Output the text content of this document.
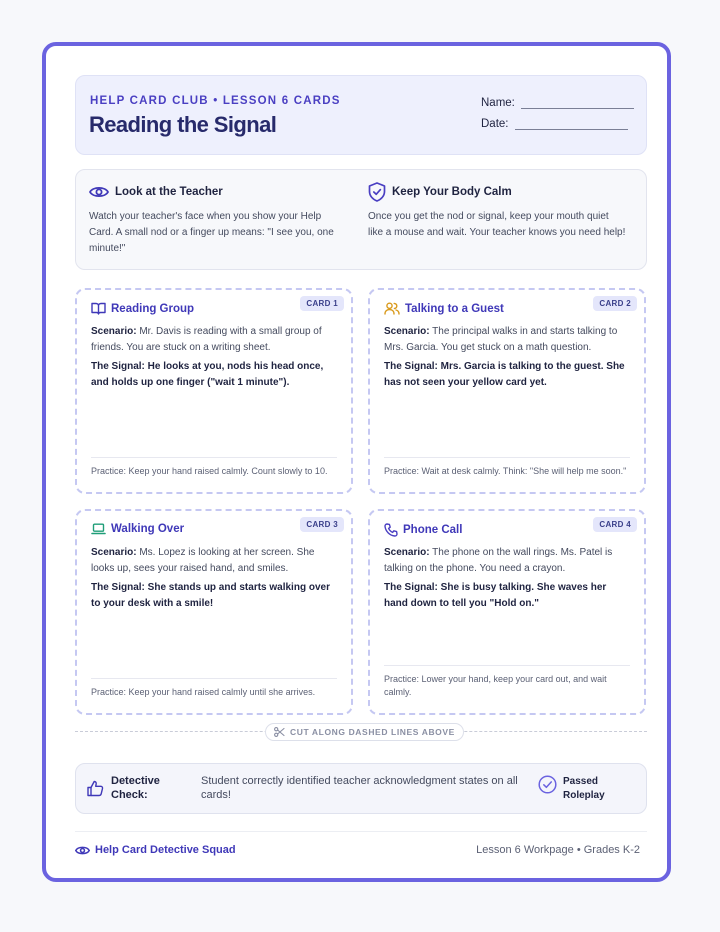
HELP CARD CLUB • LESSON 6 CARDS
Reading the Signal
Name:
Date:
Look at the Teacher
Watch your teacher's face when you show your Help Card. A small nod or a finger up means: "I see you, one minute!"
Keep Your Body Calm
Once you get the nod or signal, keep your mouth quiet like a mouse and wait. Your teacher knows you need help!
CARD 1
Reading Group
Scenario: Mr. Davis is reading with a small group of friends. You are stuck on a writing sheet.
The Signal: He looks at you, nods his head once, and holds up one finger ("wait 1 minute").
Practice: Keep your hand raised calmly. Count slowly to 10.
CARD 2
Talking to a Guest
Scenario: The principal walks in and starts talking to Mrs. Garcia. You get stuck on a math question.
The Signal: Mrs. Garcia is talking to the guest. She has not seen your yellow card yet.
Practice: Wait at desk calmly. Think: "She will help me soon."
CARD 3
Walking Over
Scenario: Ms. Lopez is looking at her screen. She looks up, sees your raised hand, and smiles.
The Signal: She stands up and starts walking over to your desk with a smile!
Practice: Keep your hand raised calmly until she arrives.
CARD 4
Phone Call
Scenario: The phone on the wall rings. Ms. Patel is talking on the phone. You need a crayon.
The Signal: She is busy talking. She waves her hand down to tell you "Hold on."
Practice: Lower your hand, keep your card out, and wait calmly.
CUT ALONG DASHED LINES ABOVE
Detective Check:
Student correctly identified teacher acknowledgment states on all cards!
Passed Roleplay
Help Card Detective Squad	Lesson 6 Workpage • Grades K-2
